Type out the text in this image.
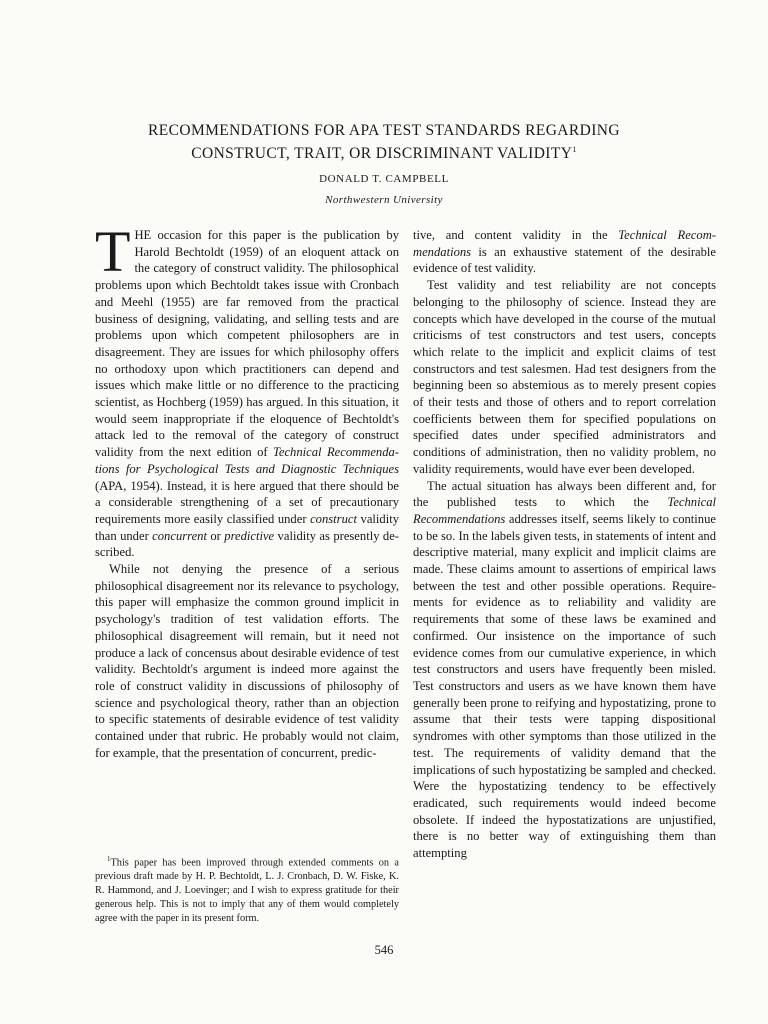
RECOMMENDATIONS FOR APA TEST STANDARDS REGARDING
CONSTRUCT, TRAIT, OR DISCRIMINANT VALIDITY$^1$
DONALD T. CAMPBELL
Northwestern University

THE occasion for this paper is the publication by Harold Bechtoldt (1959) of an eloquent attack on the category of construct validity. The philosophical problems upon which Bechtoldt takes issue with Cronbach and Meehl (1955) are far removed from the practical business of designing, validating, and selling tests and are problems upon which competent philosophers are in disagreement. They are issues for which philosophy offers no orthodoxy upon which practitioners can depend and issues which make little or no difference to the practicing scientist, as Hochberg (1959) has argued. In this situation, it would seem inappropriate if the eloquence of Bechtoldt's attack led to the removal of the category of construct validity from the next edition of Technical Recommendations for Psychological Tests and Diagnostic Techniques (APA, 1954). Instead, it is here argued that there should be a considerable strengthening of a set of precautionary requirements more easily classified under construct validity than under concurrent or predictive validity as presently described.

While not denying the presence of a serious philosophical disagreement nor its relevance to psychology, this paper will emphasize the common ground implicit in psychology's tradition of test validation efforts. The philosophical disagreement will remain, but it need not produce a lack of concensus about desirable evidence of test validity. Bechtoldt's argument is indeed more against the role of construct validity in discussions of philosophy of science and psychological theory, rather than an objection to specific statements of desirable evidence of test validity contained under that rubric. He probably would not claim, for example, that the presentation of concurrent, predic-

tive, and content validity in the Technical Recommendations is an exhaustive statement of the desirable evidence of test validity.

Test validity and test reliability are not concepts belonging to the philosophy of science. Instead they are concepts which have developed in the course of the mutual criticisms of test constructors and test users, concepts which relate to the implicit and explicit claims of test constructors and test salesmen. Had test designers from the beginning been so abstemious as to merely present copies of their tests and those of others and to report correlation coefficients between them for specified populations on specified dates under specified administrators and conditions of administration, then no validity problem, no validity requirements, would have ever been developed.

The actual situation has always been different and, for the published tests to which the Technical Recommendations addresses itself, seems likely to continue to be so. In the labels given tests, in statements of intent and descriptive material, many explicit and implicit claims are made. These claims amount to assertions of empirical laws between the test and other possible operations. Requirements for evidence as to reliability and validity are requirements that some of these laws be examined and confirmed. Our insistence on the importance of such evidence comes from our cumulative experience, in which test constructors and users have frequently been misled. Test constructors and users as we have known them have generally been prone to reifying and hypostatizing, prone to assume that their tests were tapping dispositional syndromes with other symptoms than those utilized in the test. The requirements of validity demand that the implications of such hypostatizing be sampled and checked. Were the hypostatizing tendency to be effectively eradicated, such requirements would indeed become obsolete. If indeed the hypostatizations are unjustified, there is no better way of extinguishing them than attempting

$^1$This paper has been improved through extended comments on a previous draft made by H. P. Bechtoldt, L. J. Cronbach, D. W. Fiske, K. R. Hammond, and J. Loevinger; and I wish to express gratitude for their generous help. This is not to imply that any of them would completely agree with the paper in its present form.

546
